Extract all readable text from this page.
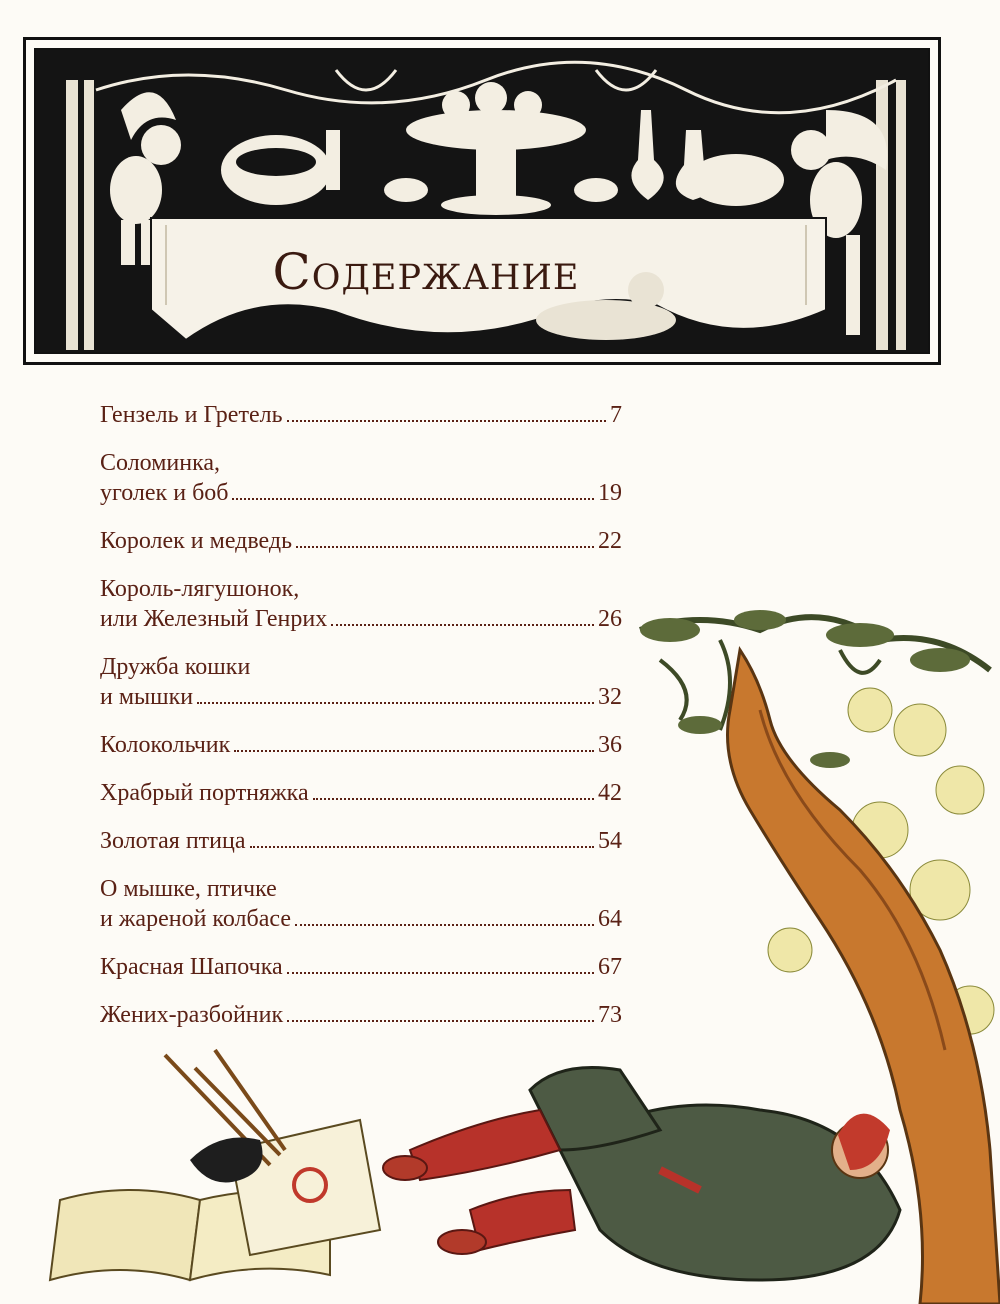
Содержание
Гензель и Гретель	7
Соломинка,
уголек и боб	19
Королек и медведь	22
Король-лягушонок,
или Железный Генрих	26
Дружба кошки
и мышки	32
Колокольчик	36
Храбрый портняжка	42
Золотая птица	54
О мышке, птичке
и жареной колбасе	64
Красная Шапочка	67
Жених-разбойник	73
